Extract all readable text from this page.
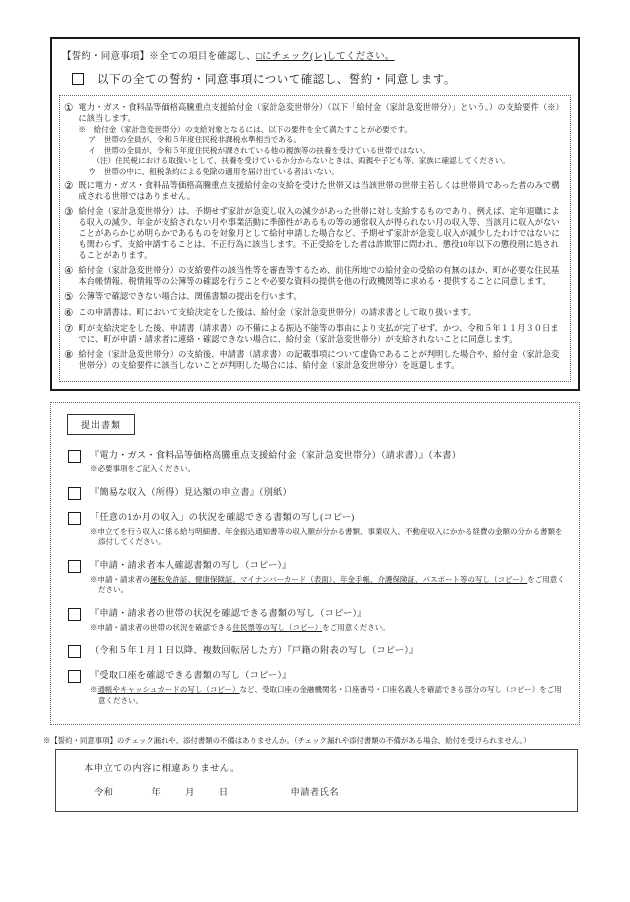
【誓約・同意事項】※全ての項目を確認し、□にチェック(レ)してください。
以下の全ての誓約・同意事項について確認し、誓約・同意します。
① 電力・ガス・食料品等価格高騰重点支援給付金（家計急変世帯分）（以下「給付金（家計急変世帯分）」という。）の支給要件（※）に該当します。
※　給付金（家計急変世帯分）の支給対象となるには、以下の要件を全て満たすことが必要です。
ア　世帯の全員が、令和５年度住民税非課税水準相当である。
イ　世帯の全員が、令和５年度住民税が課されている他の親族等の扶養を受けている世帯ではない。
（注）住民税における取扱いとして、扶養を受けているか分からないときは、両親や子ども等、家族に確認してください。
ウ　世帯の中に、租税条約による免除の適用を届け出ている者はいない。
② 既に電力・ガス・食料品等価格高騰重点支援給付金の支給を受けた世帯又は当該世帯の世帯主若しくは世帯員であった者のみで構成される世帯ではありません。
③ 給付金（家計急変世帯分）は、予期せず家計が急変し収入の減少があった世帯に対し支給するものであり、例えば、定年退職による収入の減少、年金が支給されない月や事業活動に季節性があるもの等の通常収入が得られない月の収入等、当該月に収入がないことがあらかじめ明らかであるものを対象月として給付申請した場合など、予期せず家計が急変し収入が減少したわけではないにも関わらず、支給申請することは、不正行為に該当します。不正受給をした者は詐欺罪に問われ、懲役10年以下の懲役刑に処されることがあります。
④ 給付金（家計急変世帯分）の支給要件の該当性等を審査等するため、前住所地での給付金の受給の有無のほか、町が必要な住民基本台帳情報、税情報等の公簿等の確認を行うことや必要な資料の提供を他の行政機関等に求める・提供することに同意します。
⑤ 公簿等で確認できない場合は、関係書類の提出を行います。
⑥ この申請書は、町において支給決定をした後は、給付金（家計急変世帯分）の請求書として取り扱います。
⑦ 町が支給決定をした後、申請書（請求書）の不備による振込不能等の事由により支払が完了せず、かつ、令和５年１１月３０日までに、町が申請・請求者に連絡・確認できない場合に、給付金（家計急変世帯分）が支給されないことに同意します。
⑧ 給付金（家計急変世帯分）の支給後、申請書（請求書）の記載事項について虚偽であることが判明した場合や、給付金（家計急変世帯分）の支給要件に該当しないことが判明した場合には、給付金（家計急変世帯分）を返還します。
提出書類
『電力・ガス・食料品等価格高騰重点支援給付金（家計急変世帯分）（請求書）』（本書）
※必要事項をご記入ください。
『簡易な収入（所得）見込額の申立書』（別紙）
「任意の1か月の収入」の状況を確認できる書類の写し(コピー)
※申立てを行う収入に係る給与明細書、年金振込通知書等の収入額が分かる書類、事業収入、不動産収入にかかる経費の金額の分かる書類を添付してください。
『申請・請求者本人確認書類の写し（コピー）』
※申請・請求者の運転免許証、健康保険証、マイナンバーカード（表面）、年金手帳、介護保険証、パスポート等の写し（コピー）をご用意ください。
『申請・請求者の世帯の状況を確認できる書類の写し（コピー）』
※申請・請求者の世帯の状況を確認できる住民票等の写し（コピー）をご用意ください。
（令和５年１月１日以降、複数回転居した方）『戸籍の附表の写し（コピー）』
『受取口座を確認できる書類の写し（コピー）』
※通帳やキャッシュカードの写し（コピー）など、受取口座の金融機関名・口座番号・口座名義人を確認できる部分の写し（コピー）をご用意ください。
※【誓約・同意事項】のチェック漏れや、添付書類の不備はありませんか。（チェック漏れや添付書類の不備がある場合、給付を受けられません。）
本申立ての内容に相違ありません。
令和	年	月	日	申請者氏名
